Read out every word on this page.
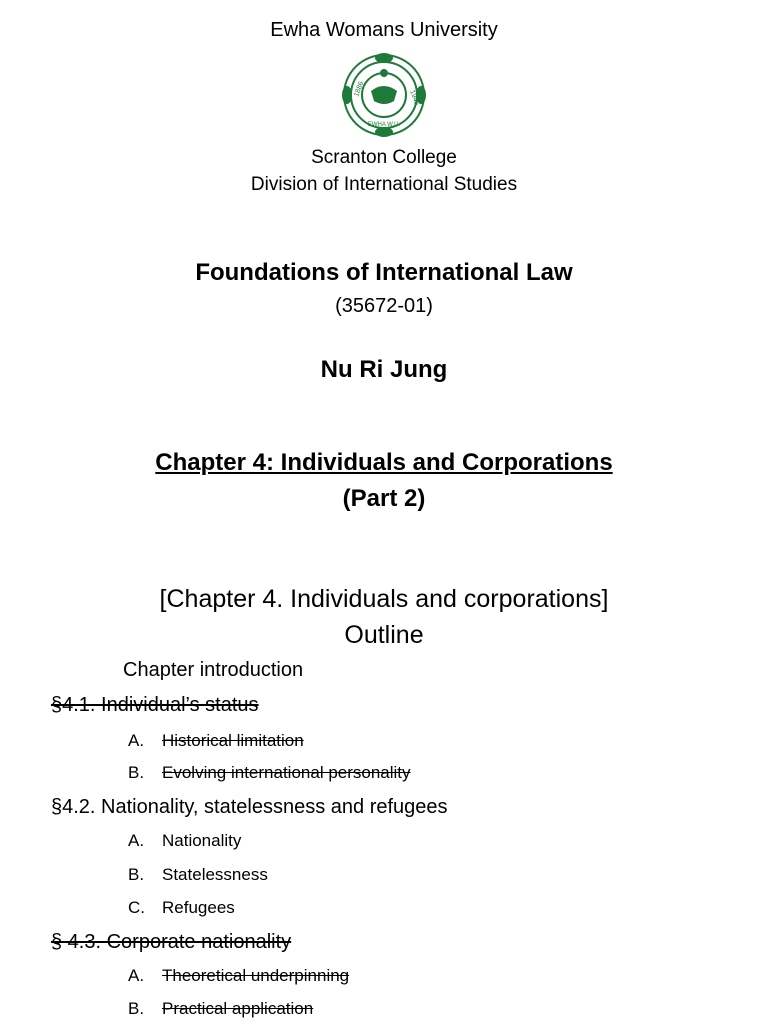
Ewha Womans University
1886
1945
EWHA W.U.
Scranton College
Division of International Studies
Foundations of International Law
(35672-01)
Nu Ri Jung
Chapter 4: Individuals and Corporations
(Part 2)
[Chapter 4. Individuals and corporations]
Outline
Chapter introduction
§4.1. Individual’s status
A. Historical limitation
B. Evolving international personality
§4.2. Nationality, statelessness and refugees
A. Nationality
B. Statelessness
C. Refugees
§ 4.3. Corporate nationality
A. Theoretical underpinning
B. Practical application
